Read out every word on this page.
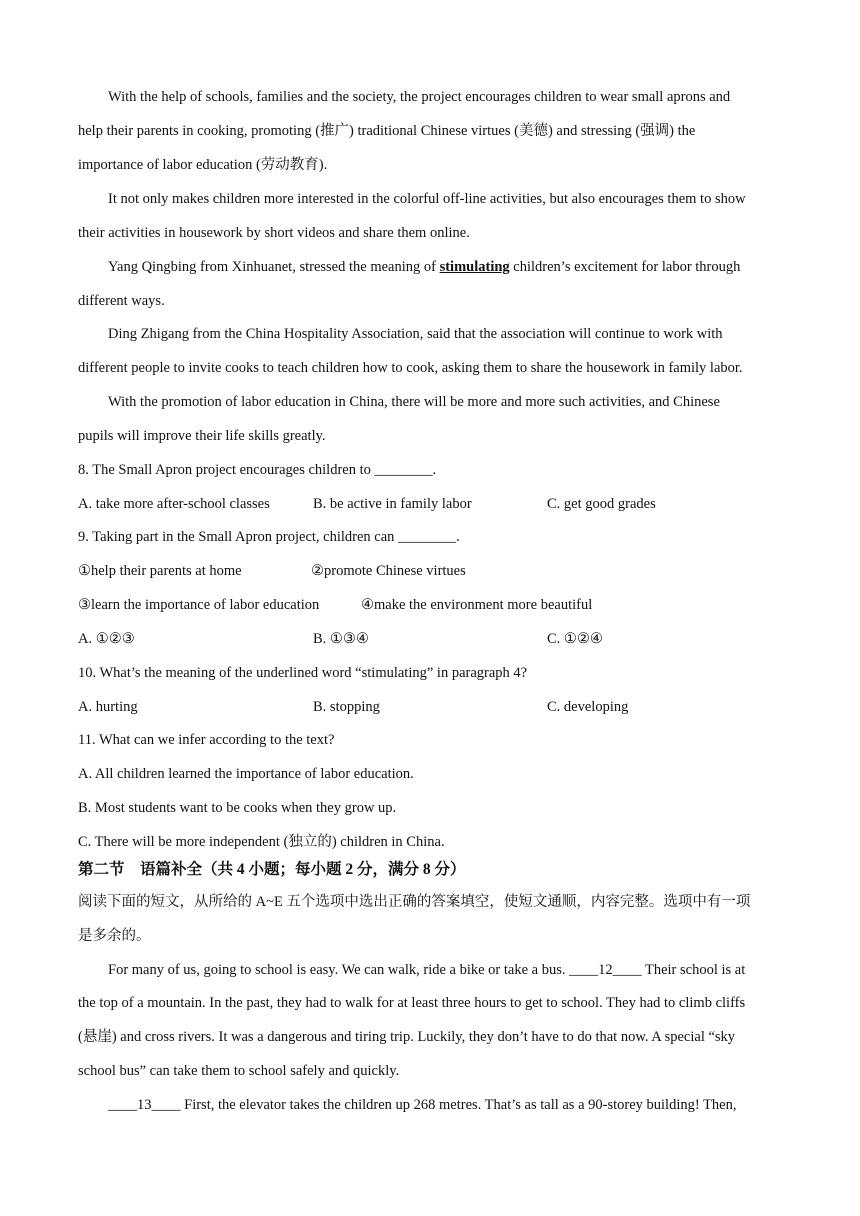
With the help of schools, families and the society, the project encourages children to wear small aprons and
help their parents in cooking, promoting (推广) traditional Chinese virtues (美德) and stressing (强调) the
importance of labor education (劳动教育).
It not only makes children more interested in the colorful off-line activities, but also encourages them to show
their activities in housework by short videos and share them online.
Yang Qingbing from Xinhuanet, stressed the meaning of stimulating children’s excitement for labor through
different ways.
Ding Zhigang from the China Hospitality Association, said that the association will continue to work with
different people to invite cooks to teach children how to cook, asking them to share the housework in family labor.
With the promotion of labor education in China, there will be more and more such activities, and Chinese
pupils will improve their life skills greatly.
8. The Small Apron project encourages children to ________.
A. take more after-school classes	B. be active in family labor	C. get good grades
9. Taking part in the Small Apron project, children can ________.
①help their parents at home	②promote Chinese virtues
③learn the importance of labor education	④make the environment more beautiful
A. ①②③	B. ①③④	C. ①②④
10. What’s the meaning of the underlined word “stimulating” in paragraph 4?
A. hurting	B. stopping	C. developing
11. What can we infer according to the text?
A. All children learned the importance of labor education.
B. Most students want to be cooks when they grow up.
C. There will be more independent (独立的) children in China.
第二节　语篇补全（共 4 小题；每小题 2 分，满分 8 分）
阅读下面的短文，从所给的 A~E 五个选项中选出正确的答案填空，使短文通顺，内容完整。选项中有一项
是多余的。
For many of us, going to school is easy. We can walk, ride a bike or take a bus. ____12____ Their school is at
the top of a mountain. In the past, they had to walk for at least three hours to get to school. They had to climb cliffs
(悬崖) and cross rivers. It was a dangerous and tiring trip. Luckily, they don’t have to do that now. A special “sky
school bus” can take them to school safely and quickly.
____13____ First, the elevator takes the children up 268 metres. That’s as tall as a 90-storey building! Then,
